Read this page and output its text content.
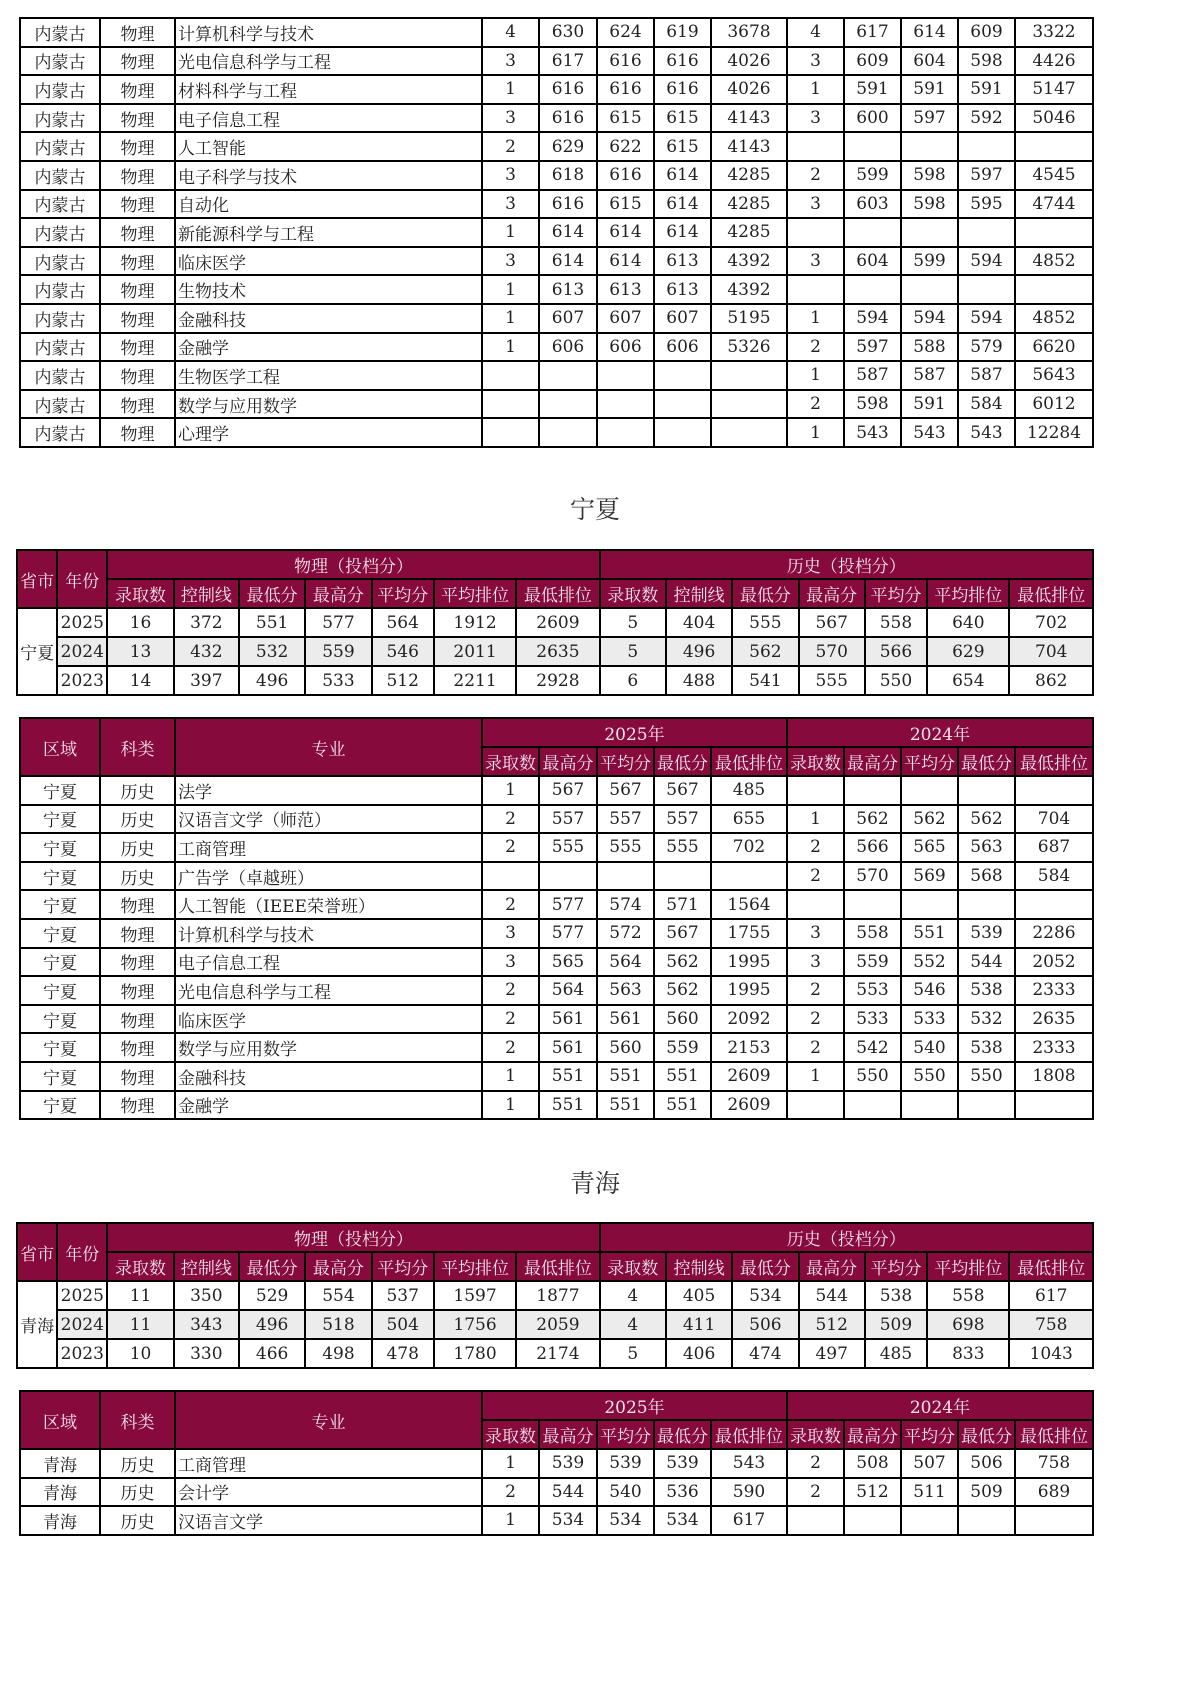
内蒙古	物理	计算机科学与技术	4	630	624	619	3678	4	617	614	609	3322
内蒙古	物理	光电信息科学与工程	3	617	616	616	4026	3	609	604	598	4426
内蒙古	物理	材料科学与工程	1	616	616	616	4026	1	591	591	591	5147
内蒙古	物理	电子信息工程	3	616	615	615	4143	3	600	597	592	5046
内蒙古	物理	人工智能	2	629	622	615	4143					
内蒙古	物理	电子科学与技术	3	618	616	614	4285	2	599	598	597	4545
内蒙古	物理	自动化	3	616	615	614	4285	3	603	598	595	4744
内蒙古	物理	新能源科学与工程	1	614	614	614	4285					
内蒙古	物理	临床医学	3	614	614	613	4392	3	604	599	594	4852
内蒙古	物理	生物技术	1	613	613	613	4392					
内蒙古	物理	金融科技	1	607	607	607	5195	1	594	594	594	4852
内蒙古	物理	金融学	1	606	606	606	5326	2	597	588	579	6620
内蒙古	物理	生物医学工程						1	587	587	587	5643
内蒙古	物理	数学与应用数学						2	598	591	584	6012
内蒙古	物理	心理学						1	543	543	543	12284
宁夏
省市	年份	物理（投档分）							历史（投档分）						
		录取数	控制线	最低分	最高分	平均分	平均排位	最低排位	录取数	控制线	最低分	最高分	平均分	平均排位	最低排位
宁夏	2025	16	372	551	577	564	1912	2609	5	404	555	567	558	640	702
	2024	13	432	532	559	546	2011	2635	5	496	562	570	566	629	704
	2023	14	397	496	533	512	2211	2928	6	488	541	555	550	654	862
区域	科类	专业	2025年					2024年				
			录取数	最高分	平均分	最低分	最低排位	录取数	最高分	平均分	最低分	最低排位
宁夏	历史	法学	1	567	567	567	485					
宁夏	历史	汉语言文学（师范）	2	557	557	557	655	1	562	562	562	704
宁夏	历史	工商管理	2	555	555	555	702	2	566	565	563	687
宁夏	历史	广告学（卓越班）						2	570	569	568	584
宁夏	物理	人工智能（IEEE荣誉班）	2	577	574	571	1564					
宁夏	物理	计算机科学与技术	3	577	572	567	1755	3	558	551	539	2286
宁夏	物理	电子信息工程	3	565	564	562	1995	3	559	552	544	2052
宁夏	物理	光电信息科学与工程	2	564	563	562	1995	2	553	546	538	2333
宁夏	物理	临床医学	2	561	561	560	2092	2	533	533	532	2635
宁夏	物理	数学与应用数学	2	561	560	559	2153	2	542	540	538	2333
宁夏	物理	金融科技	1	551	551	551	2609	1	550	550	550	1808
宁夏	物理	金融学	1	551	551	551	2609					
青海
省市	年份	物理（投档分）							历史（投档分）						
		录取数	控制线	最低分	最高分	平均分	平均排位	最低排位	录取数	控制线	最低分	最高分	平均分	平均排位	最低排位
青海	2025	11	350	529	554	537	1597	1877	4	405	534	544	538	558	617
	2024	11	343	496	518	504	1756	2059	4	411	506	512	509	698	758
	2023	10	330	466	498	478	1780	2174	5	406	474	497	485	833	1043
区域	科类	专业	2025年					2024年				
			录取数	最高分	平均分	最低分	最低排位	录取数	最高分	平均分	最低分	最低排位
青海	历史	工商管理	1	539	539	539	543	2	508	507	506	758
青海	历史	会计学	2	544	540	536	590	2	512	511	509	689
青海	历史	汉语言文学	1	534	534	534	617					
